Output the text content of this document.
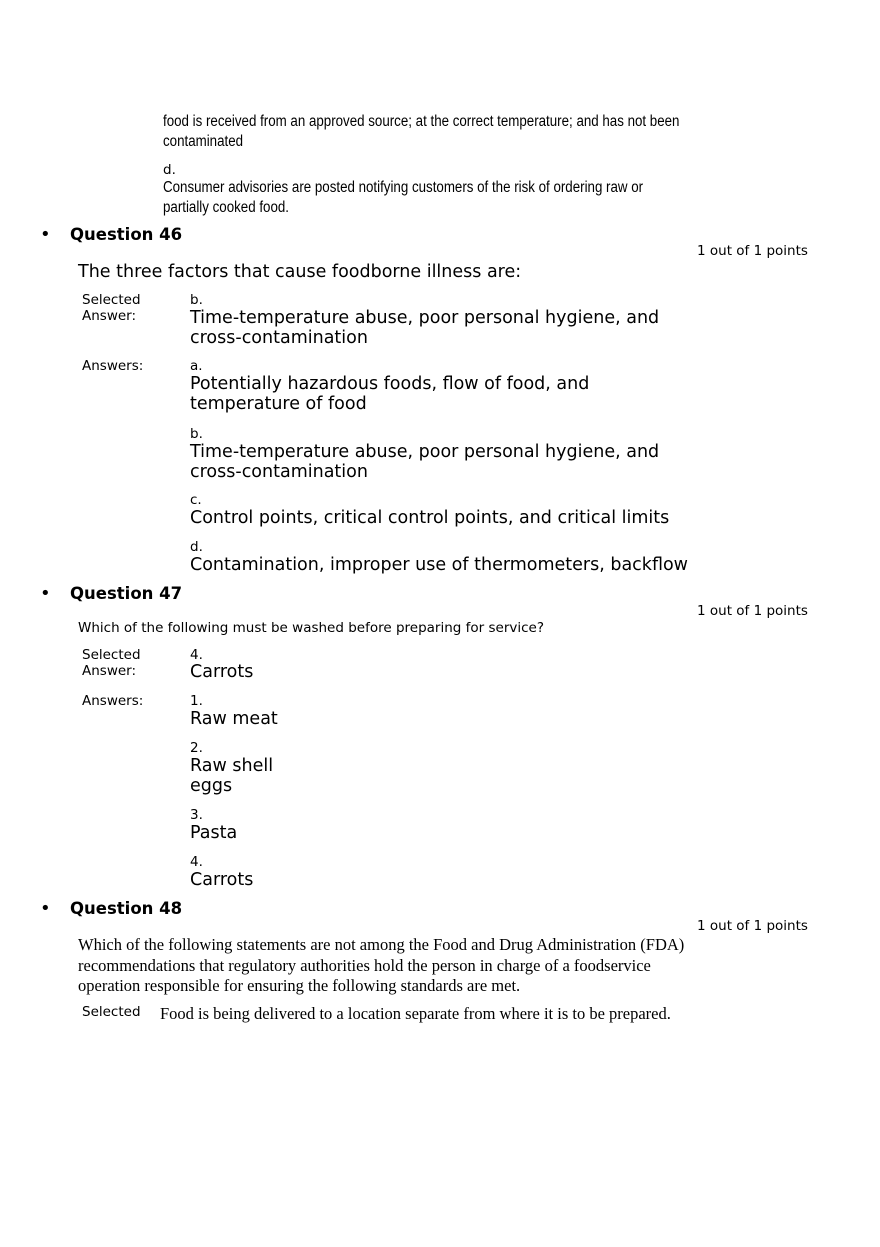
food is received from an approved source; at the correct temperature; and has not been
contaminated
d.
Consumer advisories are posted notifying customers of the risk of ordering raw or
partially cooked food.
• Question 46
1 out of 1 points
The three factors that cause foodborne illness are:
Selected
Answer:
b.
Time-temperature abuse, poor personal hygiene, and
cross-contamination
Answers:	a.
Potentially hazardous foods, flow of food, and
temperature of food
b.
Time-temperature abuse, poor personal hygiene, and
cross-contamination
c.
Control points, critical control points, and critical limits
d.
Contamination, improper use of thermometers, backflow
• Question 47
1 out of 1 points
Which of the following must be washed before preparing for service?
Selected
Answer:
4.
Carrots
Answers:	1.
Raw meat
2.
Raw shell
eggs
3.
Pasta
4.
Carrots
• Question 48
1 out of 1 points
Which of the following statements are not among the Food and Drug Administration (FDA)
recommendations that regulatory authorities hold the person in charge of a foodservice
operation responsible for ensuring the following standards are met.
Selected Food is being delivered to a location separate from where it is to be prepared.
